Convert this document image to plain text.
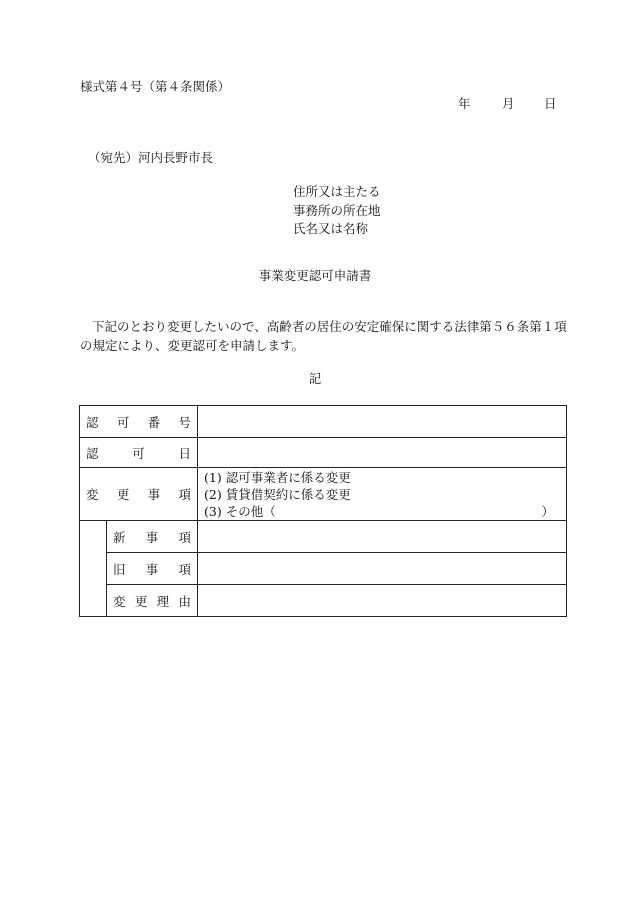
様式第４号（第４条関係）
年	月 日
（宛先）河内長野市長
住所又は主たる
事務所の所在地
氏名又は名称
事業変更認可申請書
下記のとおり変更したいので、高齢者の居住の安定確保に関する法律第５６条第１項の規定により、変更認可を申請します。
記
認可番号		
認可日		
変更事項		(1) 認可事業者に係る変更
(2) 賃貸借契約に係る変更
(3) その他（ ）

	新事項	
	旧事項	
	変更理由	
